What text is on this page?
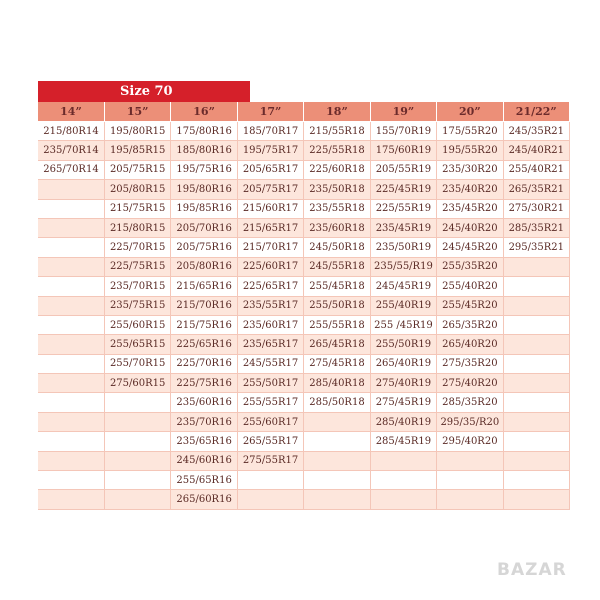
Size 70
14”	15”	16”	17”	18”	19”	20”	21/22”
215/80R14	195/80R15	175/80R16	185/70R17	215/55R18	155/70R19	175/55R20	245/35R21
235/70R14	195/85R15	185/80R16	195/75R17	225/55R18	175/60R19	195/55R20	245/40R21
265/70R14	205/75R15	195/75R16	205/65R17	225/60R18	205/55R19	235/30R20	255/40R21
	205/80R15	195/80R16	205/75R17	235/50R18	225/45R19	235/40R20	265/35R21
	215/75R15	195/85R16	215/60R17	235/55R18	225/55R19	235/45R20	275/30R21
	215/80R15	205/70R16	215/65R17	235/60R18	235/45R19	245/40R20	285/35R21
	225/70R15	205/75R16	215/70R17	245/50R18	235/50R19	245/45R20	295/35R21
	225/75R15	205/80R16	225/60R17	245/55R18	235/55/R19	255/35R20	
	235/70R15	215/65R16	225/65R17	255/45R18	245/45R19	255/40R20	
	235/75R15	215/70R16	235/55R17	255/50R18	255/40R19	255/45R20	
	255/60R15	215/75R16	235/60R17	255/55R18	255 /45R19	265/35R20	
	255/65R15	225/65R16	235/65R17	265/45R18	255/50R19	265/40R20	
	255/70R15	225/70R16	245/55R17	275/45R18	265/40R19	275/35R20	
	275/60R15	225/75R16	255/50R17	285/40R18	275/40R19	275/40R20	
		235/60R16	255/55R17	285/50R18	275/45R19	285/35R20	
		235/70R16	255/60R17		285/40R19	295/35/R20	
		235/65R16	265/55R17		285/45R19	295/40R20	
		245/60R16	275/55R17				
		255/65R16					
		265/60R16					
BAZAR
